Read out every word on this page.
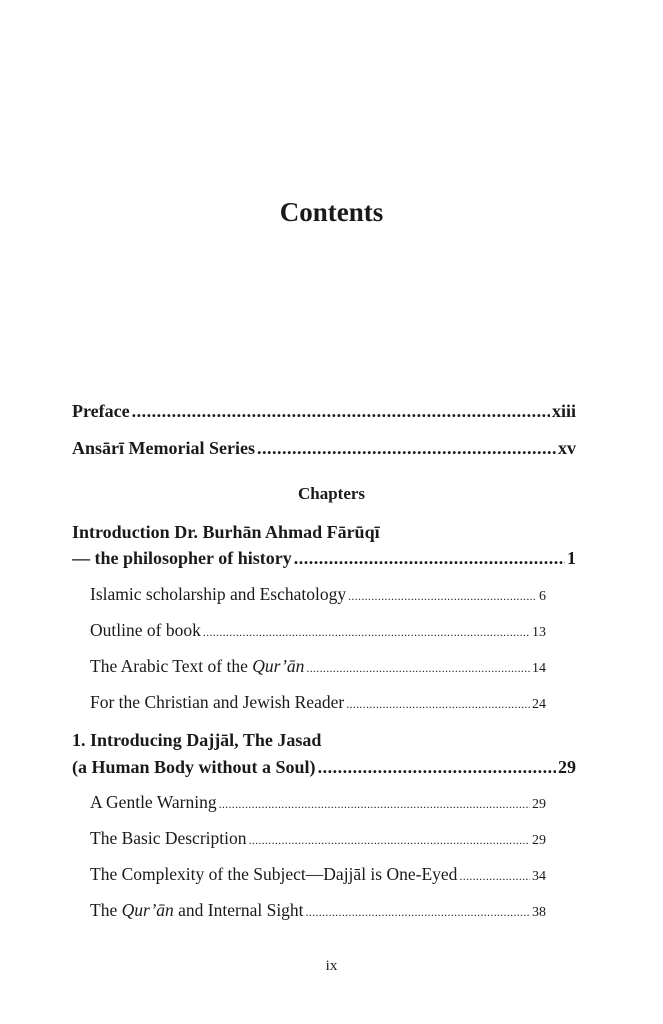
Contents
Preface .....	xiii
Ansārī Memorial Series .....	xv
Chapters
Introduction Dr. Burhān Ahmad Fārūqī
— the philosopher of history .....	1
Islamic scholarship and Eschatology .....	6
Outline of book .....	13
The Arabic Text of the Qur’ān .....	14
For the Christian and Jewish Reader .....	24
1. Introducing Dajjāl, The Jasad
(a Human Body without a Soul) .....	29
A Gentle Warning .....	29
The Basic Description .....	29
The Complexity of the Subject—Dajjāl is One-Eyed .....	34
The Qur’ān and Internal Sight .....	38
ix
